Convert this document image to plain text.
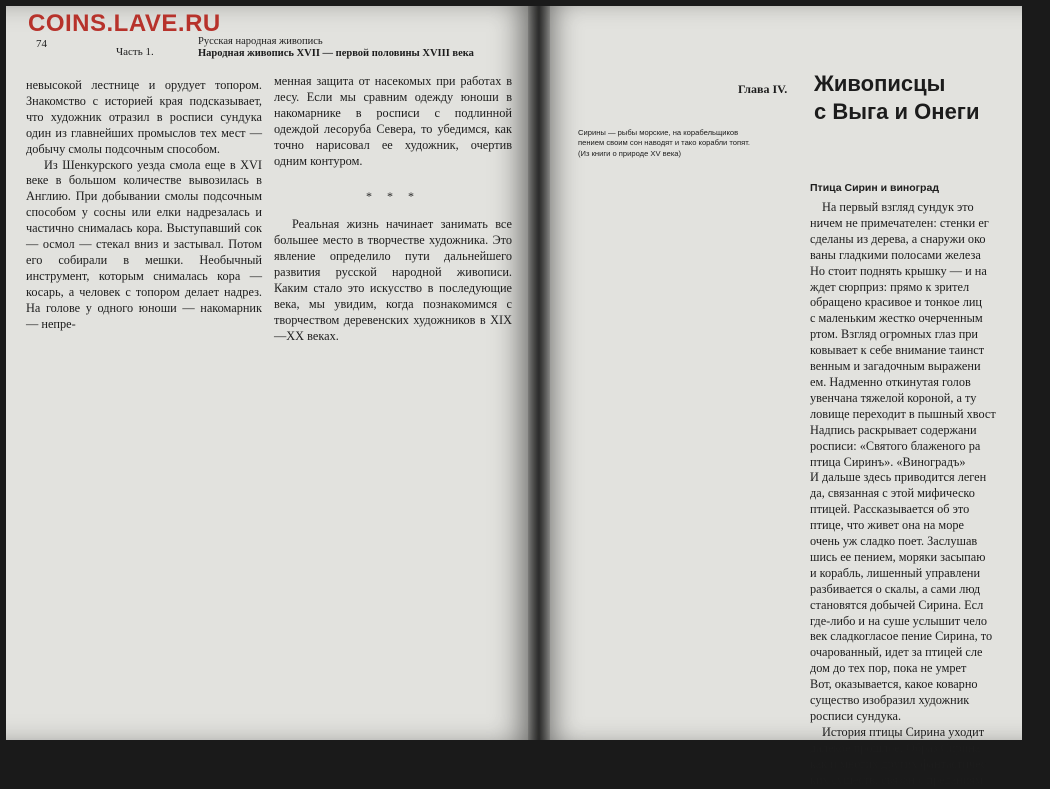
COINS.LAVE.RU
74
Часть 1.
Русская народная живопись
Народная живопись XVII — первой половины XVIII века

невысокой лестнице и орудует топором. Знакомство с историей края подсказывает, что художник отразил в росписи сундука один из главнейших промыслов тех мест — добычу смолы подсочным способом.

Из Шенкурского уезда смола еще в XVI веке в большом количестве вывозилась в Англию. При добывании смолы подсочным способом у сосны или елки надрезалась и частично снималась кора. Выступавший сок — осмол — стекал вниз и застывал. Потом его собирали в мешки. Необычный инструмент, которым снималась кора — косарь, а человек с топором делает надрез. На голове у одного юноши — накомарник — непре-

менная защита от насекомых при работах в лесу. Если мы сравним одежду юноши в накомарнике в росписи с подлинной одеждой лесоруба Севера, то убедимся, как точно нарисовал ее художник, очертив одним контуром.

* * *

Реальная жизнь начинает занимать все большее место в творчестве художника. Это явление определило пути дальнейшего развития русской народной живописи. Каким стало это искусство в последующие века, мы увидим, когда познакомимся с творчеством деревенских художников в XIX—XX веках.

Сирины — рыбы морские, на корабельщиков пением своим сон наводят и тако корабли топят.
(Из книги о природе XV века)
Глава IV. Живописцы
с Выга и Онеги
Птица Сирин и виноград
На первый взгляд сундук это
ничем не примечателен: стенки ег
сделаны из дерева, а снаружи око
ваны гладкими полосами железа
Но стоит поднять крышку — и на
ждет сюрприз: прямо к зрител
обращено красивое и тонкое лиц
с маленьким жестко очерченным
ртом. Взгляд огромных глаз при
ковывает к себе внимание таинст
венным и загадочным выражени
ем. Надменно откинутая голов
увенчана тяжелой короной, а ту
ловище переходит в пышный хвост
Надпись раскрывает содержани
росписи: «Святого блаженого ра
птица Сиринъ». «Виноградъ»
И дальше здесь приводится леген
да, связанная с этой мифическо
птицей. Рассказывается об это
птице, что живет она на море
очень уж сладко поет. Заслушав
шись ее пением, моряки засыпаю
и корабль, лишенный управлени
разбивается о скалы, а сами люд
становятся добычей Сирина. Есл
где-либо и на суше услышит чело
век сладкогласое пение Сирина, то
очарованный, идет за птицей сле
дом до тех пор, пока не умрет
Вот, оказывается, какое коварно
существо изобразил художник
росписи сундука.
История птицы Сирина уходит
далекое прошлое. Образ Сирина
как и многих других фантастичес
ких существ, связан с преданиям
